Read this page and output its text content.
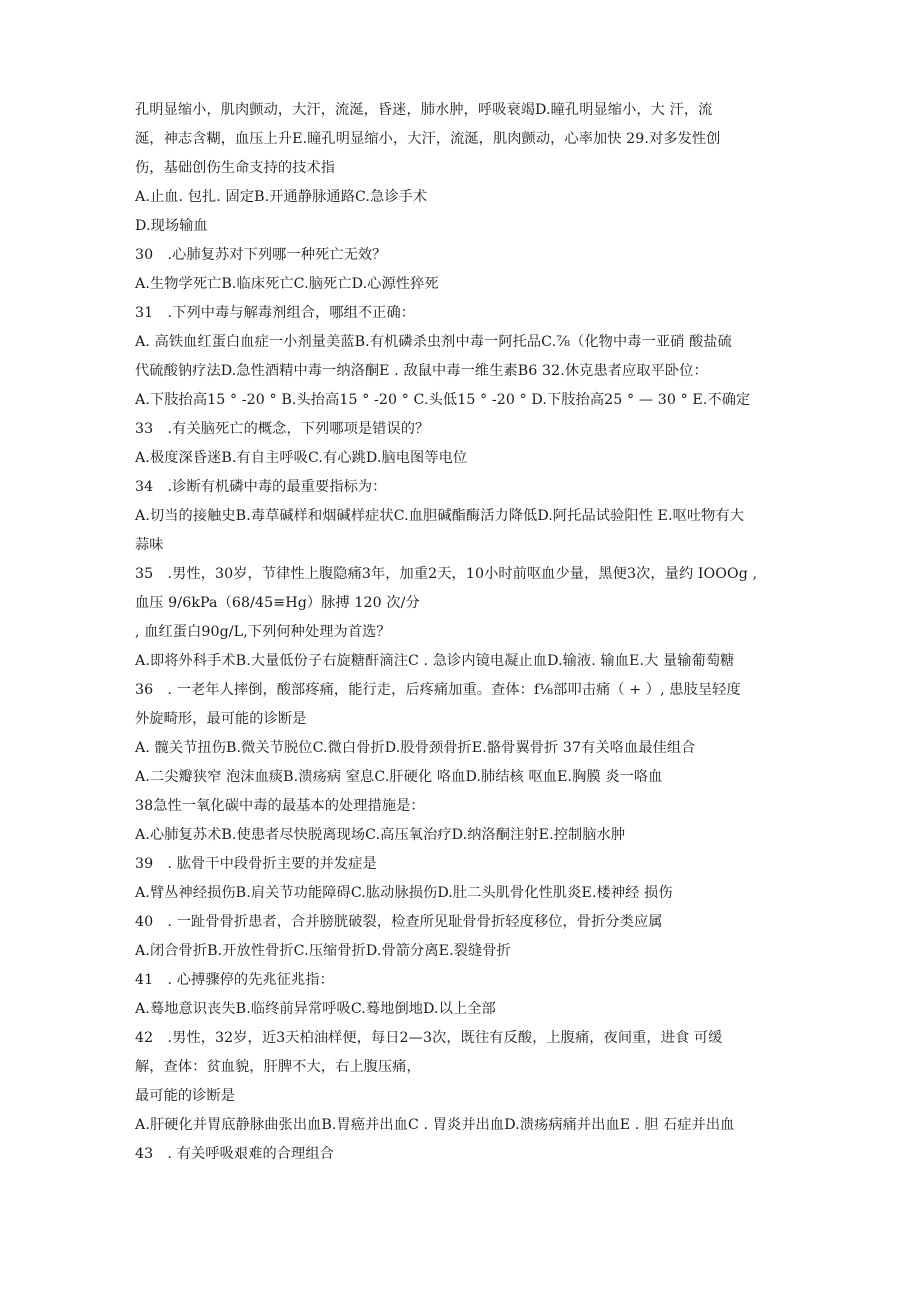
孔明显缩小，肌肉颤动，大汗，流涎，昏迷，肺水肿，呼吸衰竭D.瞳孔明显缩小，大 汗，流
涎，神志含糊，血压上升E.瞳孔明显缩小，大汗，流涎，肌肉颤动，心率加快 29.对多发性创
伤，基础创伤生命支持的技术指
A.止血. 包扎. 固定B.开通静脉通路C.急诊手术
D.现场输血
30　.心肺复苏对下列哪一种死亡无效？
A.生物学死亡B.临床死亡C.脑死亡D.心源性猝死
31　.下列中毒与解毒剂组合，哪组不正确：
A. 高铁血红蛋白血症一小剂量美蓝B.有机磷杀虫剂中毒一阿托品C.⅞（化物中毒一亚硝 酸盐硫
代硫酸钠疗法D.急性酒精中毒一纳洛酮E . 敌鼠中毒一维生素B6 32.休克患者应取平卧位：
A.下肢抬高15 ° -20 ° B.头抬高15 ° -20 ° C.头低15 ° -20 ° D.下肢抬高25 ° — 30 ° E.不确定
33　.有关脑死亡的概念，下列哪项是错误的？
A.极度深昏迷B.有自主呼吸C.有心跳D.脑电图等电位
34　.诊断有机磷中毒的最重要指标为：
A.切当的接触史B.毒草碱样和烟碱样症状C.血胆碱酯酶活力降低D.阿托品试验阳性 E.呕吐物有大
蒜味
35　.男性，30岁，节律性上腹隐痛3年，加重2天，10小时前呕血少量，黑便3次，量约 IOOOg ,
血压 9/6kPa（68/45≡Hg）脉搏 120 次/分
, 血红蛋白90g/L,下列何种处理为首选？
A.即将外科手术B.大量低份子右旋糖酐滴注C . 急诊内镜电凝止血D.输液. 输血E.大 量输葡萄糖
36　. 一老年人摔倒，酸部疼痛，能行走，后疼痛加重。查体：f⅛部叩击痛（ + ）, 患肢呈轻度
外旋畸形，最可能的诊断是
A. 髋关节扭伤B.微关节脱位C.微白骨折D.股骨颈骨折E.骼骨翼骨折 37有关咯血最佳组合
A.二尖瓣狭窄 泡沫血痰B.溃疡病 窒息C.肝硬化 咯血D.肺结核 呕血E.胸膜 炎一咯血
38急性一氧化碳中毒的最基本的处理措施是：
A.心肺复苏术B.使患者尽快脱离现场C.高压氧治疗D.纳洛酮注射E.控制脑水肿
39　. 肱骨干中段骨折主要的并发症是
A.臂丛神经损伤B.肩关节功能障碍C.肱动脉损伤D.肚二头肌骨化性肌炎E.楼神经 损伤
40　. 一趾骨骨折患者，合并膀胱破裂，检查所见耻骨骨折轻度移位，骨折分类应属
A.闭合骨折B.开放性骨折C.压缩骨折D.骨箭分离E.裂缝骨折
41　. 心搏骤停的先兆征兆指：
A.蓦地意识丧失B.临终前异常呼吸C.蓦地倒地D.以上全部
42　.男性，32岁，近3天柏油样便，每日2—3次，既往有反酸，上腹痛，夜间重，进食 可缓
解，查体：贫血貌，肝脾不大，右上腹压痛，
最可能的诊断是
A.肝硬化并胃底静脉曲张出血B.胃癌并出血C . 胃炎并出血D.溃疡病痛并出血E . 胆 石症并出血
43　. 有关呼吸艰难的合理组合
